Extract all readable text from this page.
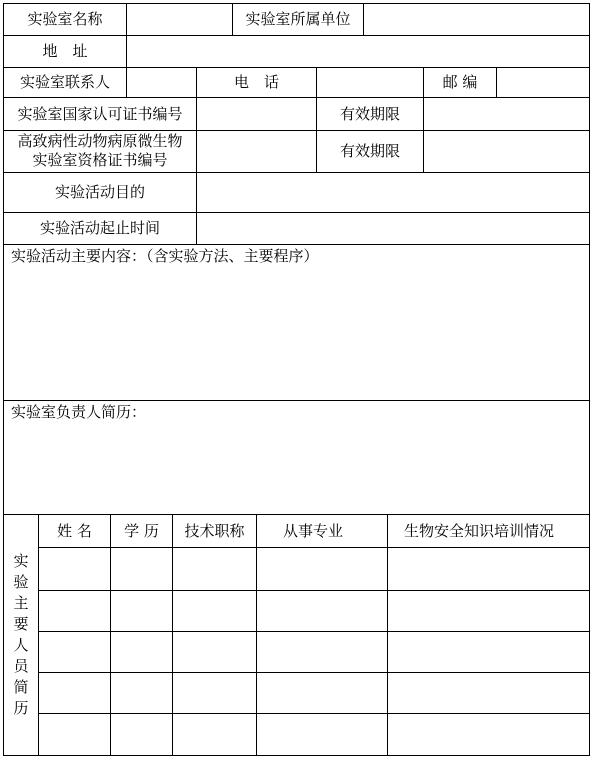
实验室名称	实验室所属单位
地　址
实验室联系人	电　话	邮 编
实验室国家认可证书编号	有效期限
高致病性动物病原微生物
实验室资格证书编号	有效期限
实验活动目的
实验活动起止时间
实验活动主要内容：（含实验方法、主要程序）
实验室负责人简历：
实验主要人员简历
姓 名	学 历	技术职称	从事专业	生物安全知识培训情况
